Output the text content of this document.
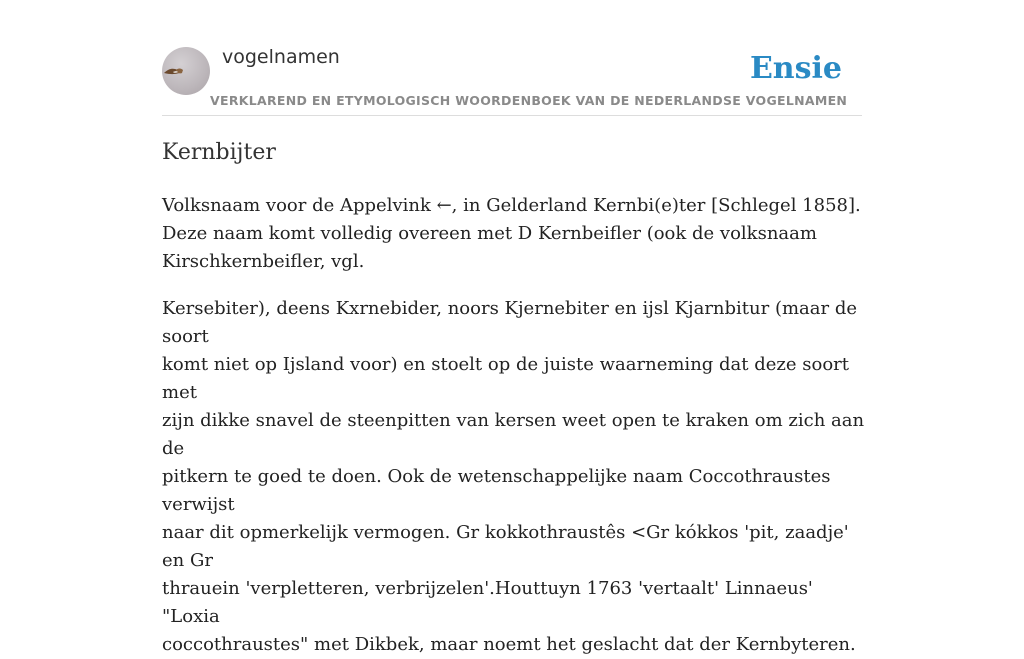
vogelnamen	Ensie
VERKLAREND EN ETYMOLOGISCH WOORDENBOEK VAN DE NEDERLANDSE VOGELNAMEN
Kernbijter

Volksnaam voor de Appelvink ←, in Gelderland Kernbi(e)ter [Schlegel 1858].
Deze naam komt volledig overeen met D Kernbeifler (ook de volksnaam
Kirschkernbeifler, vgl.

Kersebiter), deens Kxrnebider, noors Kjernebiter en ijsl Kjarnbitur (maar de soort
komt niet op Ijsland voor) en stoelt op de juiste waarneming dat deze soort met
zijn dikke snavel de steenpitten van kersen weet open te kraken om zich aan de
pitkern te goed te doen. Ook de wetenschappelijke naam Coccothraustes verwijst
naar dit opmerkelijk vermogen. Gr kokkothraustês <Gr kókkos 'pit, zaadje' en Gr
thrauein 'verpletteren, verbrijzelen'.Houttuyn 1763 'vertaalt' Linnaeus' "Loxia
coccothraustes" met Dikbek, maar noemt het geslacht dat der Kernbyteren.
